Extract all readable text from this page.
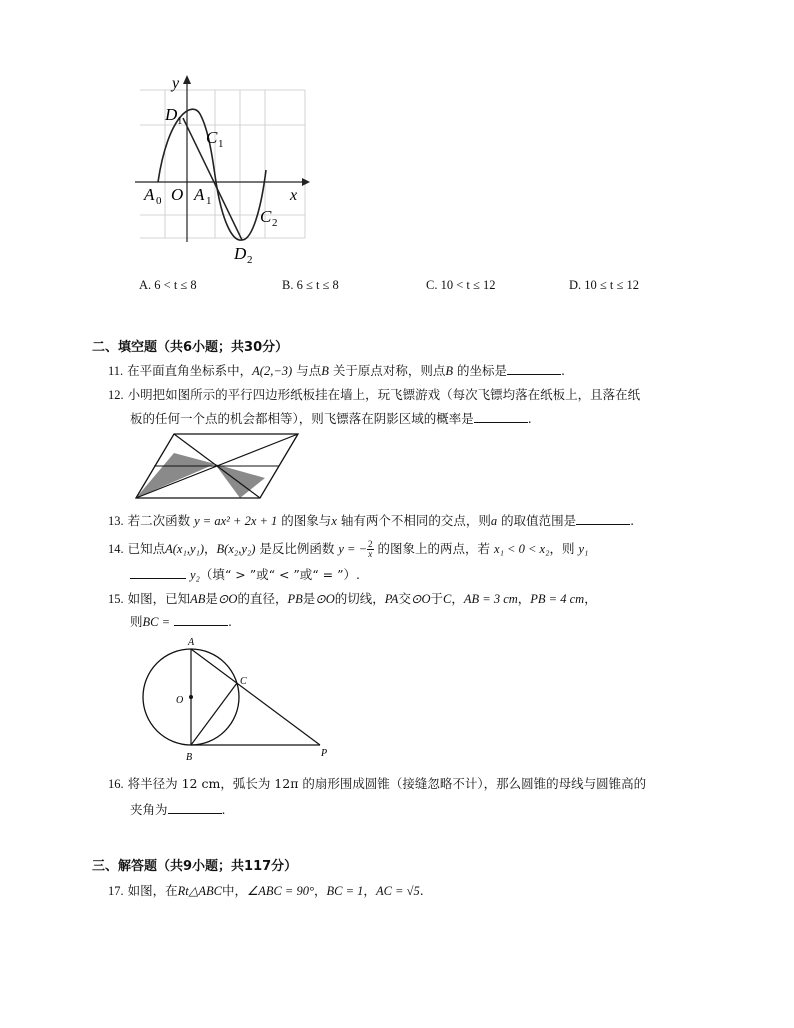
y
x
D 1
C 1
A 0 O A 1
C 2
D 2
A. 6 < t ≤ 8	B. 6 ≤ t ≤ 8	C. 10 < t ≤ 12	D. 10 ≤ t ≤ 12
二、填空题（共6小题；共30分）
11. 在平面直角坐标系中，A(2,−3) 与点B 关于原点对称，则点B 的坐标是	.
12. 小明把如图所示的平行四边形纸板挂在墙上，玩飞镖游戏（每次飞镖均落在纸板上，且落在纸
板的任何一个点的机会都相等），则飞镖落在阴影区域的概率是	.
13. 若二次函数 y = ax² + 2x + 1 的图象与x 轴有两个不相同的交点，则a 的取值范围是	.
14. 已知点A(x₁,y₁)，B(x₂,y₂) 是反比例函数 y = − $\frac{2}{x}$ 的图象上的两点，若 x₁ < 0 < x₂，则 y₁
y₂（填“ > ”或“ < ”或“ = ”）.
15. 如图，已知AB是⊙O的直径，PB是⊙O的切线，PA交⊙O于C，AB = 3 cm，PB = 4 cm，
则BC =	.
A
C
O
B	P
16. 将半径为 12 cm，弧长为 12π 的扇形围成圆锥（接缝忽略不计），那么圆锥的母线与圆锥高的
夹角为	.
三、解答题（共9小题；共117分）
17. 如图，在Rt△ABC中，∠ABC = 90°，BC = 1，AC = √5.
